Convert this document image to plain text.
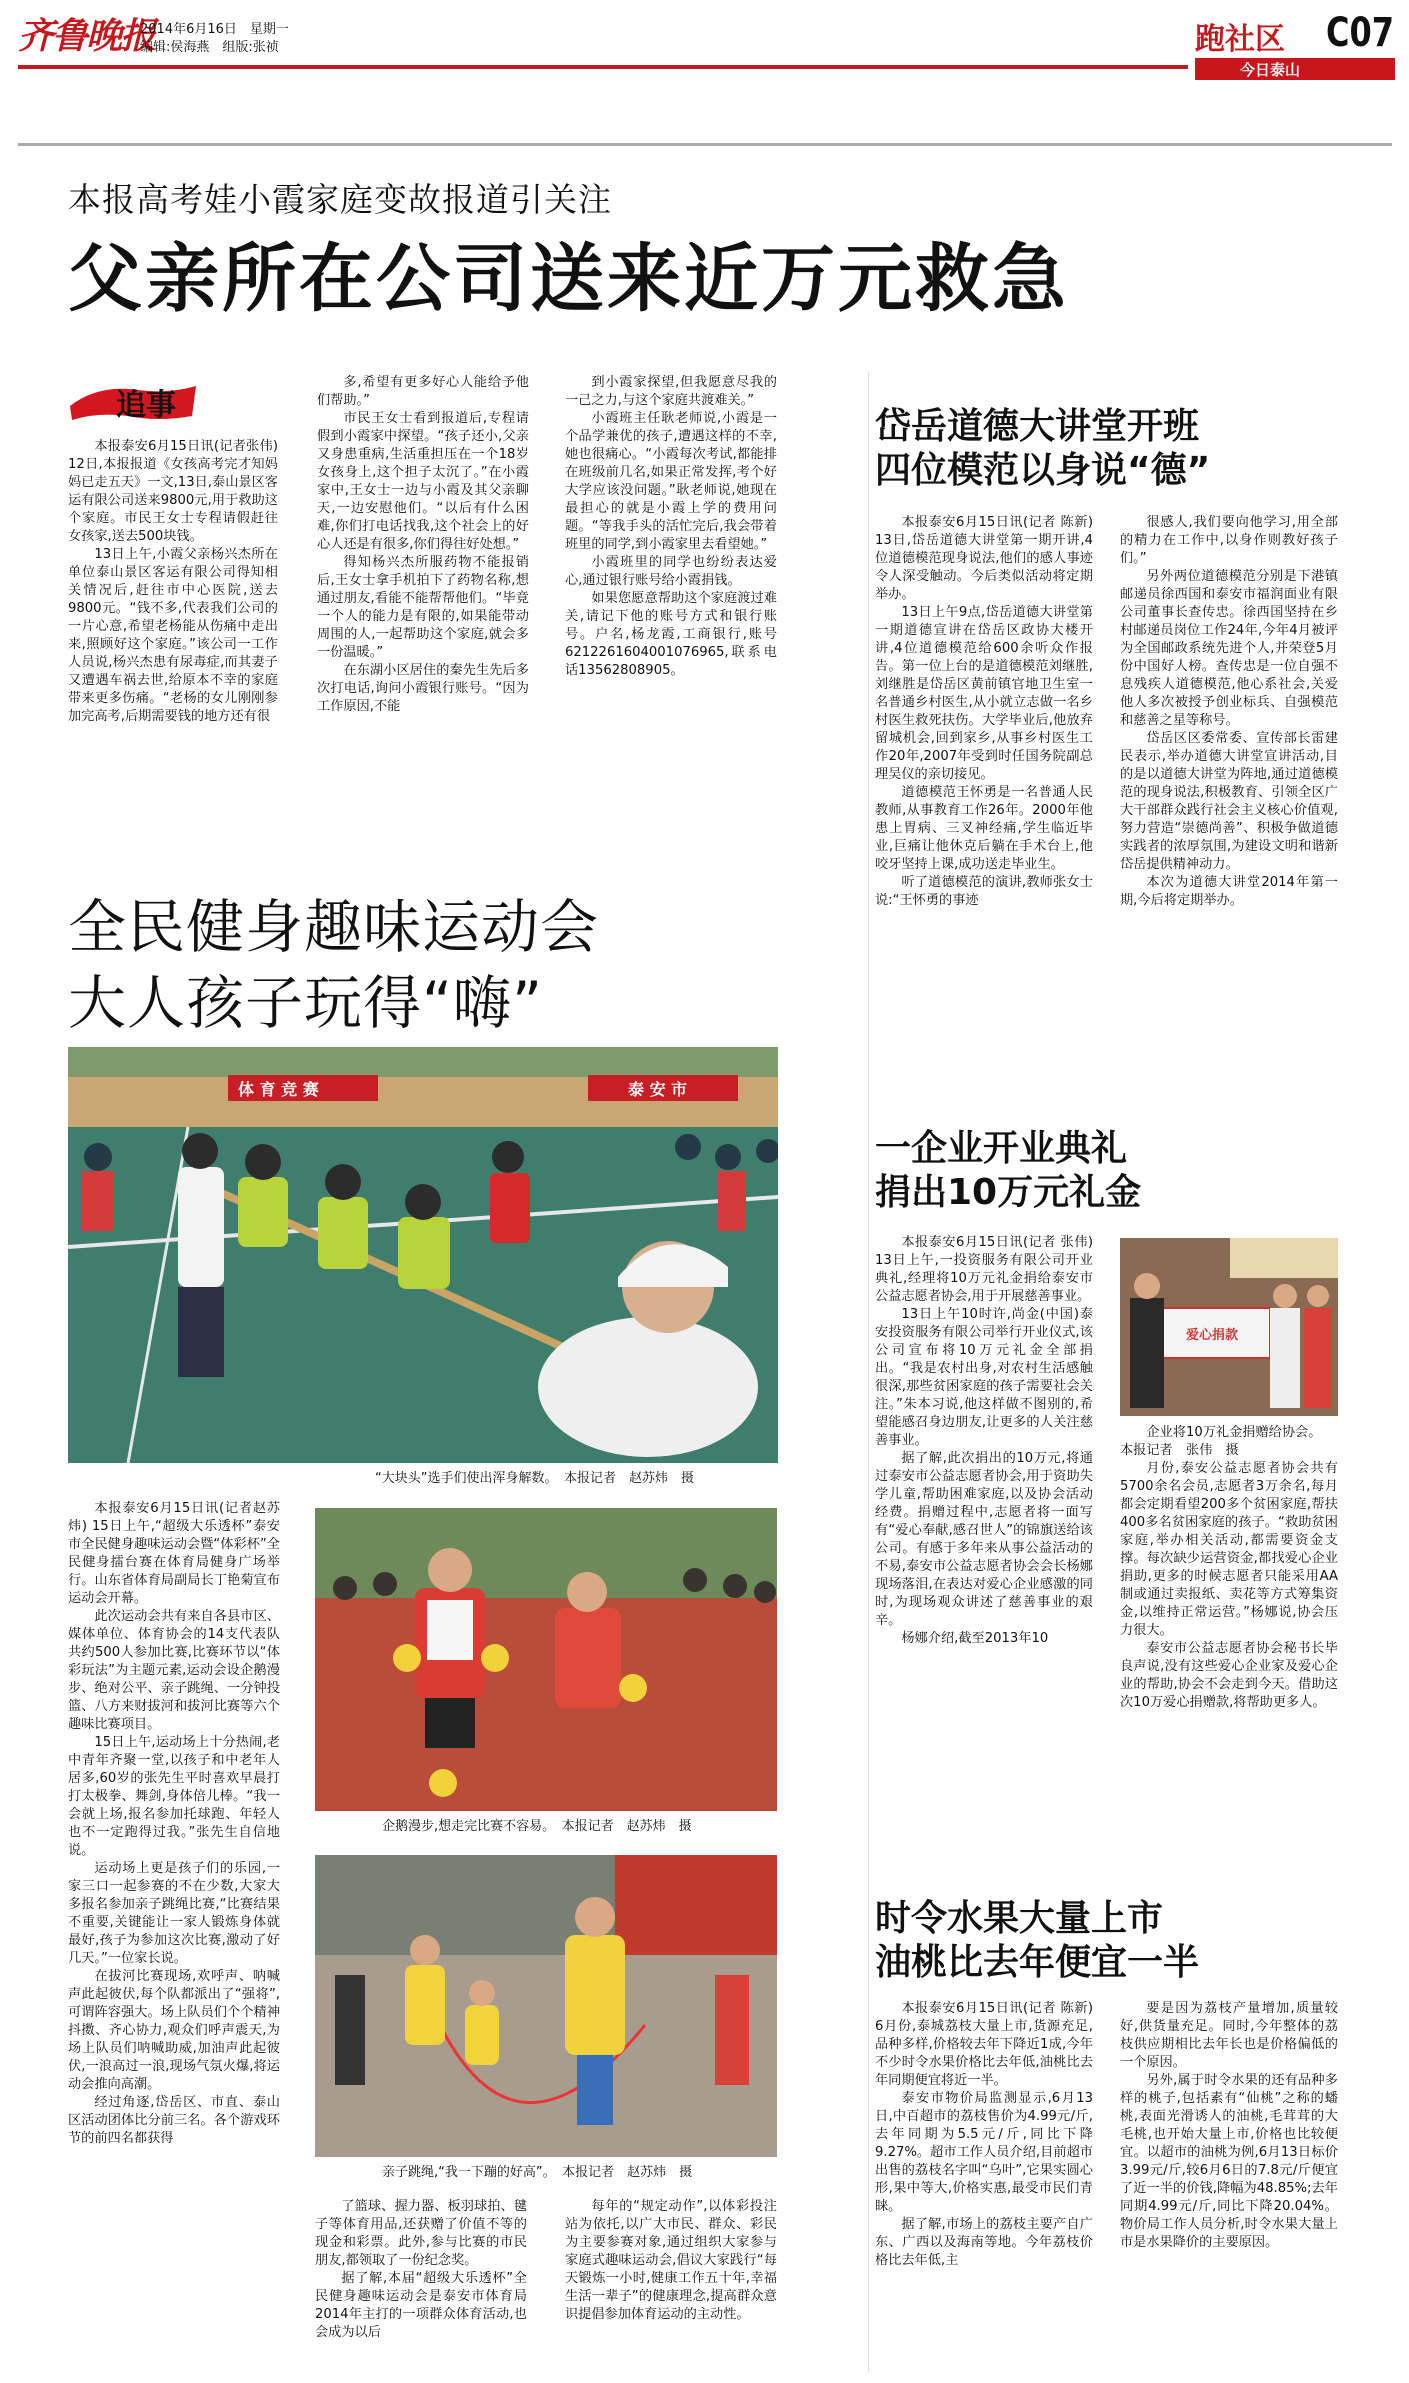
齐鲁晚报
2014年6月16日　星期一
编辑:侯海燕　组版:张祯	跑社区 C07
今日泰山
本报高考娃小霞家庭变故报道引关注
父亲所在公司送来近万元救急
追事

本报泰安6月15日讯(记者张伟) 12日,本报报道《女孩高考完才知妈妈已走五天》一文,13日,泰山景区客运有限公司送来9800元,用于救助这个家庭。市民王女士专程请假赶往女孩家,送去500块钱。

13日上午,小霞父亲杨兴杰所在单位泰山景区客运有限公司得知相关情况后,赶往市中心医院,送去9800元。“钱不多,代表我们公司的一片心意,希望老杨能从伤痛中走出来,照顾好这个家庭。”该公司一工作人员说,杨兴杰患有尿毒症,而其妻子又遭遇车祸去世,给原本不幸的家庭带来更多伤痛。“老杨的女儿刚刚参加完高考,后期需要钱的地方还有很

多,希望有更多好心人能给予他们帮助。”

市民王女士看到报道后,专程请假到小霞家中探望。“孩子还小,父亲又身患重病,生活重担压在一个18岁女孩身上,这个担子太沉了。”在小霞家中,王女士一边与小霞及其父亲聊天,一边安慰他们。“以后有什么困难,你们打电话找我,这个社会上的好心人还是有很多,你们得往好处想。”

得知杨兴杰所服药物不能报销后,王女士拿手机拍下了药物名称,想通过朋友,看能不能帮帮他们。“毕竟一个人的能力是有限的,如果能带动周围的人,一起帮助这个家庭,就会多一份温暖。”

在东湖小区居住的秦先生先后多次打电话,询问小霞银行账号。“因为工作原因,不能

到小霞家探望,但我愿意尽我的一己之力,与这个家庭共渡难关。”

小霞班主任耿老师说,小霞是一个品学兼优的孩子,遭遇这样的不幸,她也很痛心。“小霞每次考试,都能排在班级前几名,如果正常发挥,考个好大学应该没问题。”耿老师说,她现在最担心的就是小霞上学的费用问题。“等我手头的活忙完后,我会带着班里的同学,到小霞家里去看望她。”

小霞班里的同学也纷纷表达爱心,通过银行账号给小霞捐钱。

如果您愿意帮助这个家庭渡过难关,请记下他的账号方式和银行账号。户名,杨龙霞,工商银行,账号6212261604001076965,联系电话13562808905。

全民健身趣味运动会
大人孩子玩得“嗨”
体 育 竞 赛	泰 安 市
“大块头”选手们使出浑身解数。　本报记者　赵苏炜　摄

本报泰安6月15日讯(记者赵苏炜) 15日上午,“超级大乐透杯”泰安市全民健身趣味运动会暨“体彩杯”全民健身擂台赛在体育局健身广场举行。山东省体育局副局长丁艳菊宣布运动会开幕。

此次运动会共有来自各县市区、媒体单位、体育协会的14支代表队共约500人参加比赛,比赛环节以“体彩玩法”为主题元素,运动会设企鹅漫步、绝对公平、亲子跳绳、一分钟投篮、八方来财拔河和拔河比赛等六个趣味比赛项目。

15日上午,运动场上十分热闹,老中青年齐聚一堂,以孩子和中老年人居多,60岁的张先生平时喜欢早晨打打太极拳、舞剑,身体倍儿棒。“我一会就上场,报名参加托球跑、年轻人也不一定跑得过我。”张先生自信地说。

运动场上更是孩子们的乐园,一家三口一起参赛的不在少数,大家大多报名参加亲子跳绳比赛,“比赛结果不重要,关键能让一家人锻炼身体就最好,孩子为参加这次比赛,激动了好几天。”一位家长说。

在拔河比赛现场,欢呼声、呐喊声此起彼伏,每个队都派出了“强将”,可谓阵容强大。场上队员们个个精神抖擞、齐心协力,观众们呼声震天,为场上队员们呐喊助威,加油声此起彼伏,一浪高过一浪,现场气氛火爆,将运动会推向高潮。

经过角逐,岱岳区、市直、泰山区活动团体比分前三名。各个游戏环节的前四名都获得

企鹅漫步,想走完比赛不容易。　本报记者　赵苏炜　摄
亲子跳绳,“我一下蹦的好高”。　本报记者　赵苏炜　摄

了篮球、握力器、板羽球拍、毽子等体育用品,还获赠了价值不等的现金和彩票。此外,参与比赛的市民朋友,都领取了一份纪念奖。

据了解,本届“超级大乐透杯”全民健身趣味运动会是泰安市体育局2014年主打的一项群众体育活动,也会成为以后

每年的“规定动作”,以体彩投注站为依托,以广大市民、群众、彩民为主要参赛对象,通过组织大家参与家庭式趣味运动会,倡议大家践行“每天锻炼一小时,健康工作五十年,幸福生活一辈子”的健康理念,提高群众意识提倡参加体育运动的主动性。

岱岳道德大讲堂开班
四位模范以身说“德”

本报泰安6月15日讯(记者 陈新) 13日,岱岳道德大讲堂第一期开讲,4位道德模范现身说法,他们的感人事迹令人深受触动。今后类似活动将定期举办。

13日上午9点,岱岳道德大讲堂第一期道德宣讲在岱岳区政协大楼开讲,4位道德模范给600余听众作报告。第一位上台的是道德模范刘继胜,刘继胜是岱岳区黄前镇官地卫生室一名普通乡村医生,从小就立志做一名乡村医生救死扶伤。大学毕业后,他放弃留城机会,回到家乡,从事乡村医生工作20年,2007年受到时任国务院副总理吴仪的亲切接见。

道德模范王怀勇是一名普通人民教师,从事教育工作26年。2000年他患上胃病、三叉神经痛,学生临近毕业,巨痛让他休克后躺在手术台上,他咬牙坚持上课,成功送走毕业生。

听了道德模范的演讲,教师张女士说:“王怀勇的事迹

很感人,我们要向他学习,用全部的精力在工作中,以身作则教好孩子们。”

另外两位道德模范分别是下港镇邮递员徐西国和泰安市福润面业有限公司董事长查传忠。徐西国坚持在乡村邮递员岗位工作24年,今年4月被评为全国邮政系统先进个人,并荣登5月份中国好人榜。查传忠是一位自强不息残疾人道德模范,他心系社会,关爱他人多次被授予创业标兵、自强模范和慈善之星等称号。

岱岳区区委常委、宣传部长雷建民表示,举办道德大讲堂宣讲活动,目的是以道德大讲堂为阵地,通过道德模范的现身说法,积极教育、引领全区广大干部群众践行社会主义核心价值观,努力营造“崇德尚善”、积极争做道德实践者的浓厚氛围,为建设文明和谐新岱岳提供精神动力。

本次为道德大讲堂2014年第一期,今后将定期举办。

一企业开业典礼
捐出10万元礼金

本报泰安6月15日讯(记者 张伟) 13日上午,一投资服务有限公司开业典礼,经理将10万元礼金捐给泰安市公益志愿者协会,用于开展慈善事业。

13日上午10时许,尚金(中国)泰安投资服务有限公司举行开业仪式,该公司宣布将10万元礼金全部捐出。“我是农村出身,对农村生活感触很深,那些贫困家庭的孩子需要社会关注。”朱本习说,他这样做不图别的,希望能感召身边朋友,让更多的人关注慈善事业。

据了解,此次捐出的10万元,将通过泰安市公益志愿者协会,用于资助失学儿童,帮助困难家庭,以及协会活动经费。捐赠过程中,志愿者将一面写有“爱心奉献,感召世人”的锦旗送给该公司。有感于多年来从事公益活动的不易,泰安市公益志愿者协会会长杨娜现场落泪,在表达对爱心企业感激的同时,为现场观众讲述了慈善事业的艰辛。

杨娜介绍,截至2013年10

爱心捐款
企业将10万礼金捐赠给协会。　本报记者　张伟　摄

月份,泰安公益志愿者协会共有5700余名会员,志愿者3万余名,每月都会定期看望200多个贫困家庭,帮扶400多名贫困家庭的孩子。“救助贫困家庭,举办相关活动,都需要资金支撑。每次缺少运营资金,都找爱心企业捐助,更多的时候志愿者只能采用AA制或通过卖报纸、卖花等方式筹集资金,以维持正常运营。”杨娜说,协会压力很大。

泰安市公益志愿者协会秘书长毕良声说,没有这些爱心企业家及爱心企业的帮助,协会不会走到今天。借助这次10万爱心捐赠款,将帮助更多人。

时令水果大量上市
油桃比去年便宜一半

本报泰安6月15日讯(记者 陈新) 6月份,泰城荔枝大量上市,货源充足,品种多样,价格较去年下降近1成,今年不少时令水果价格比去年低,油桃比去年同期便宜将近一半。

泰安市物价局监测显示,6月13日,中百超市的荔枝售价为4.99元/斤,去年同期为5.5元/斤,同比下降9.27%。超市工作人员介绍,目前超市出售的荔枝名字叫“乌叶”,它果实圆心形,果中等大,价格实惠,最受市民们青睐。

据了解,市场上的荔枝主要产自广东、广西以及海南等地。今年荔枝价格比去年低,主

要是因为荔枝产量增加,质量较好,供货量充足。同时,今年整体的荔枝供应期相比去年长也是价格偏低的一个原因。

另外,属于时令水果的还有品种多样的桃子,包括素有“仙桃”之称的蟠桃,表面光滑诱人的油桃,毛茸茸的大毛桃,也开始大量上市,价格也比较便宜。以超市的油桃为例,6月13日标价3.99元/斤,较6月6日的7.8元/斤便宜了近一半的价钱,降幅为48.85%;去年同期4.99元/斤,同比下降20.04%。物价局工作人员分析,时令水果大量上市是水果降价的主要原因。
